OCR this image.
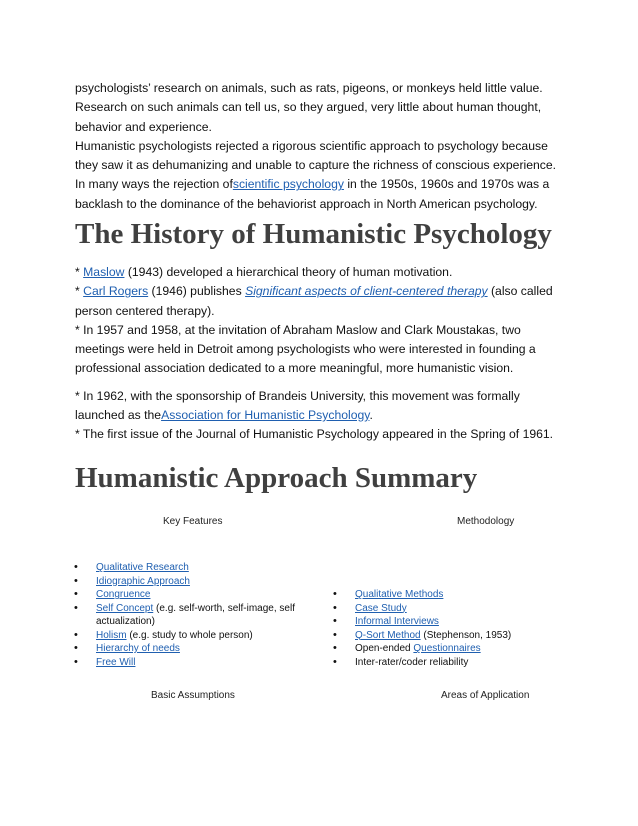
psychologists’ research on animals, such as rats, pigeons, or monkeys held little value. Research on such animals can tell us, so they argued, very little about human thought, behavior and experience.

Humanistic psychologists rejected a rigorous scientific approach to psychology because they saw it as dehumanizing and unable to capture the richness of conscious experience. In many ways the rejection ofscientific psychology in the 1950s, 1960s and 1970s was a backlash to the dominance of the behaviorist approach in North American psychology.

The History of Humanistic Psychology

* Maslow (1943) developed a hierarchical theory of human motivation.

* Carl Rogers (1946) publishes Significant aspects of client-centered therapy (also called person centered therapy).

* In 1957 and 1958, at the invitation of Abraham Maslow and Clark Moustakas, two meetings were held in Detroit among psychologists who were interested in founding a professional association dedicated to a more meaningful, more humanistic vision.

* In 1962, with the sponsorship of Brandeis University, this movement was formally launched as theAssociation for Humanistic Psychology.

* The first issue of the Journal of Humanistic Psychology appeared in the Spring of 1961.

Humanistic Approach Summary
Key Features	Methodology
• Qualitative Research
• Idiographic Approach
• Congruence
• Self Concept (e.g. self-worth, self-image, self actualization)
• Holism (e.g. study to whole person)
• Hierarchy of needs
• Free Will
• Qualitative Methods
• Case Study
• Informal Interviews
• Q-Sort Method (Stephenson, 1953)
• Open-ended Questionnaires
• Inter-rater/coder reliability
Basic Assumptions	Areas of Application
